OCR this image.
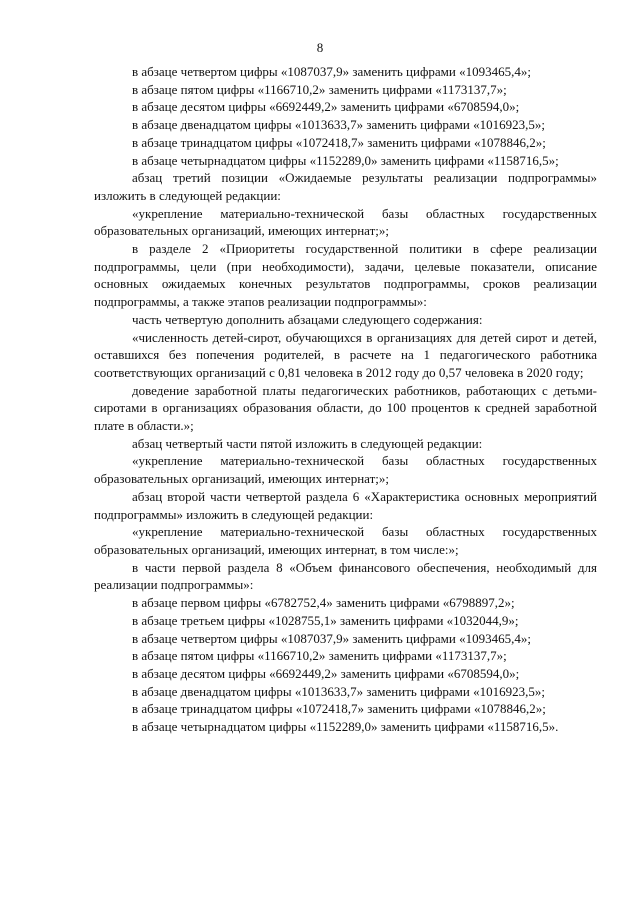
8

в абзаце четвертом цифры «1087037,9» заменить цифрами «1093465,4»;

в абзаце пятом цифры «1166710,2» заменить цифрами «1173137,7»;

в абзаце десятом цифры «6692449,2» заменить цифрами «6708594,0»;

в абзаце двенадцатом цифры «1013633,7» заменить цифрами «1016923,5»;

в абзаце тринадцатом цифры «1072418,7» заменить цифрами «1078846,2»;

в абзаце четырнадцатом цифры «1152289,0» заменить цифрами «1158716,5»;

абзац третий позиции «Ожидаемые результаты реализации подпрограммы» изложить в следующей редакции:

«укрепление материально-технической базы областных государственных образовательных организаций, имеющих интернат;»;

в разделе 2 «Приоритеты государственной политики в сфере реализации подпрограммы, цели (при необходимости), задачи, целевые показатели, описание основных ожидаемых конечных результатов подпрограммы, сроков реализации подпрограммы, а также этапов реализации подпрограммы»:

часть четвертую дополнить абзацами следующего содержания:

«численность детей-сирот, обучающихся в организациях для детей сирот и детей, оставшихся без попечения родителей, в расчете на 1 педагогического работника соответствующих организаций с 0,81 человека в 2012 году до 0,57 человека в 2020 году;

доведение заработной платы педагогических работников, работающих с детьми-сиротами в организациях образования области, до 100 процентов к средней заработной плате в области.»;

абзац четвертый части пятой изложить в следующей редакции:

«укрепление материально-технической базы областных государственных образовательных организаций, имеющих интернат;»;

абзац второй части четвертой раздела 6 «Характеристика основных мероприятий подпрограммы» изложить в следующей редакции:

«укрепление материально-технической базы областных государственных образовательных организаций, имеющих интернат, в том числе:»;

в части первой раздела 8 «Объем финансового обеспечения, необходимый для реализации подпрограммы»:

в абзаце первом цифры «6782752,4» заменить цифрами «6798897,2»;

в абзаце третьем цифры «1028755,1» заменить цифрами «1032044,9»;

в абзаце четвертом цифры «1087037,9» заменить цифрами «1093465,4»;

в абзаце пятом цифры «1166710,2» заменить цифрами «1173137,7»;

в абзаце десятом цифры «6692449,2» заменить цифрами «6708594,0»;

в абзаце двенадцатом цифры «1013633,7» заменить цифрами «1016923,5»;

в абзаце тринадцатом цифры «1072418,7» заменить цифрами «1078846,2»;

в абзаце четырнадцатом цифры «1152289,0» заменить цифрами «1158716,5».
